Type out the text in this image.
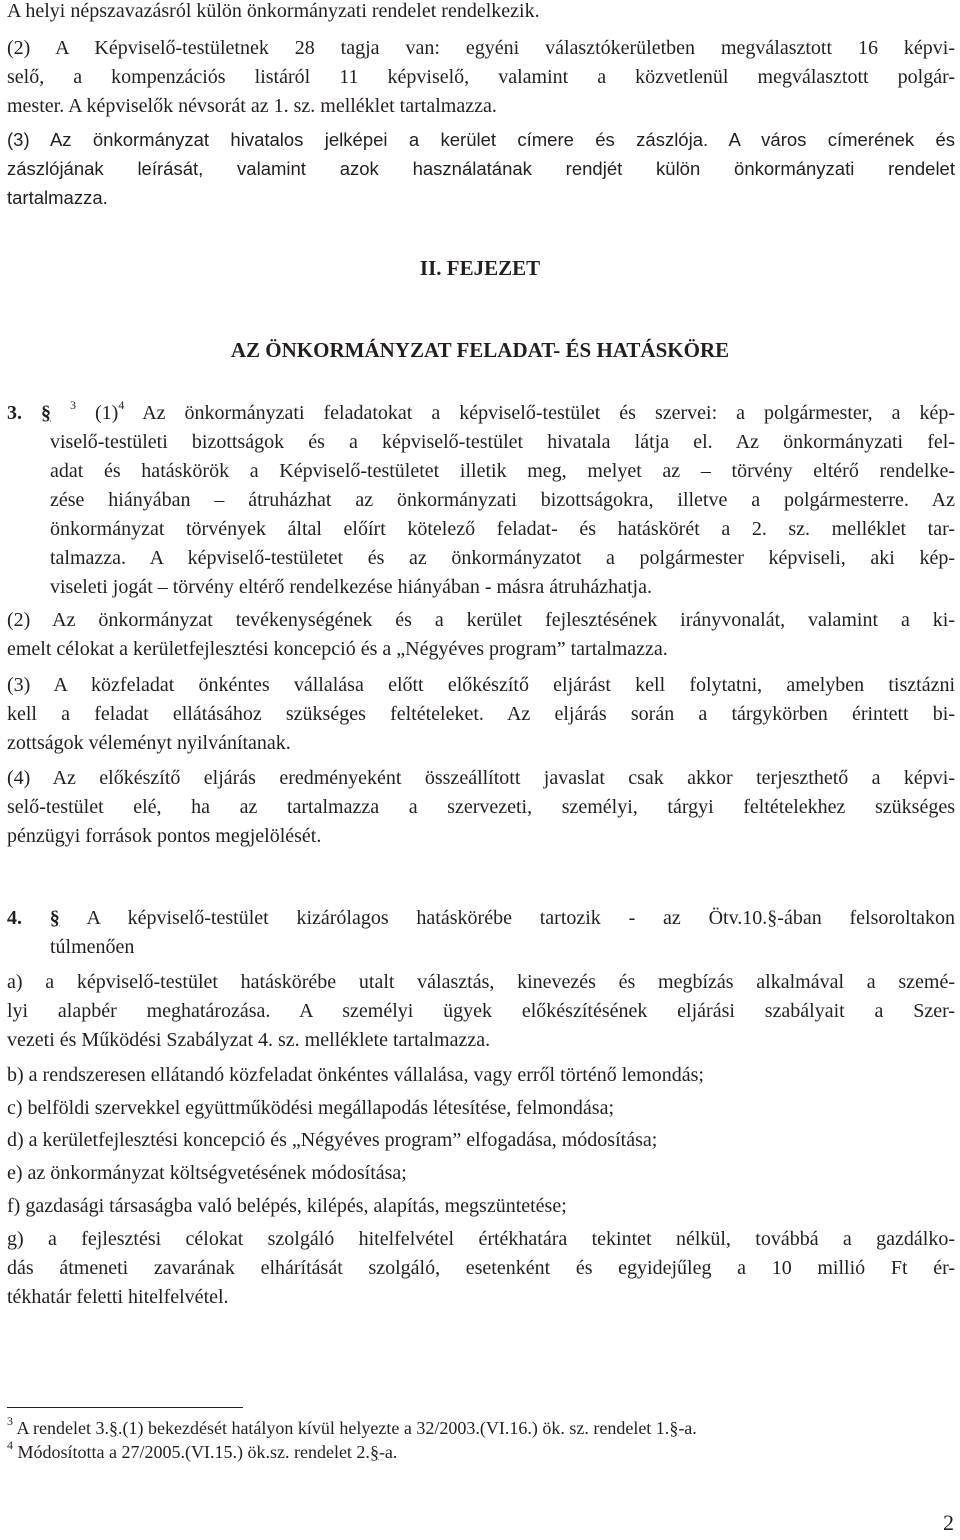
A helyi népszavazásról külön önkormányzati rendelet rendelkezik.

(2) A Képviselő-testületnek 28 tagja van: egyéni választókerületben megválasztott 16 képvi-
selő, a kompenzációs listáról 11 képviselő, valamint a közvetlenül megválasztott polgár-
mester. A képviselők névsorát az 1. sz. melléklet tartalmazza.

(3) Az önkormányzat hivatalos jelképei a kerület címere és zászlója. A város címerének és
zászlójának leírását, valamint azok használatának rendjét külön önkormányzati rendelet
tartalmazza.

II. FEJEZET

AZ ÖNKORMÁNYZAT FELADAT- ÉS HATÁSKÖRE

3. § $^3$ $(1)^4$ Az önkormányzati feladatokat a képviselő-testület és szervei: a polgármester, a kép-
viselő-testületi bizottságok és a képviselő-testület hivatala látja el. Az önkormányzati fel-
adat és hatáskörök a Képviselő-testületet illetik meg, melyet az – törvény eltérő rendelke-
zése hiányában – átruházhat az önkormányzati bizottságokra, illetve a polgármesterre. Az
önkormányzat törvények által előírt kötelező feladat- és hatáskörét a 2. sz. melléklet tar-
talmazza. A képviselő-testületet és az önkormányzatot a polgármester képviseli, aki kép-
viseleti jogát – törvény eltérő rendelkezése hiányában - másra átruházhatja.

(2) Az önkormányzat tevékenységének és a kerület fejlesztésének irányvonalát, valamint a ki-
emelt célokat a kerületfejlesztési koncepció és a „Négyéves program” tartalmazza.

(3) A közfeladat önkéntes vállalása előtt előkészítő eljárást kell folytatni, amelyben tisztázni
kell a feladat ellátásához szükséges feltételeket. Az eljárás során a tárgykörben érintett bi-
zottságok véleményt nyilvánítanak.

(4) Az előkészítő eljárás eredményeként összeállított javaslat csak akkor terjeszthető a képvi-
selő-testület elé, ha az tartalmazza a szervezeti, személyi, tárgyi feltételekhez szükséges
pénzügyi források pontos megjelölését.

4. § A képviselő-testület kizárólagos hatáskörébe tartozik - az Ötv.10.§-ában felsoroltakon
túlmenően

a) a képviselő-testület hatáskörébe utalt választás, kinevezés és megbízás alkalmával a szemé-
lyi alapbér meghatározása. A személyi ügyek előkészítésének eljárási szabályait a Szer-
vezeti és Működési Szabályzat 4. sz. melléklete tartalmazza.

b) a rendszeresen ellátandó közfeladat önkéntes vállalása, vagy erről történő lemondás;

c) belföldi szervekkel együttműködési megállapodás létesítése, felmondása;

d) a kerületfejlesztési koncepció és „Négyéves program” elfogadása, módosítása;

e) az önkormányzat költségvetésének módosítása;

f) gazdasági társaságba való belépés, kilépés, alapítás, megszüntetése;

g) a fejlesztési célokat szolgáló hitelfelvétel értékhatára tekintet nélkül, továbbá a gazdálko-
dás átmeneti zavarának elhárítását szolgáló, esetenként és egyidejűleg a 10 millió Ft ér-
tékhatár feletti hitelfelvétel.

$^3$ A rendelet 3.§.(1) bekezdését hatályon kívül helyezte a 32/2003.(VI.16.) ök. sz. rendelet 1.§-a.

$^4$ Módosította a 27/2005.(VI.15.) ök.sz. rendelet 2.§-a.

2
